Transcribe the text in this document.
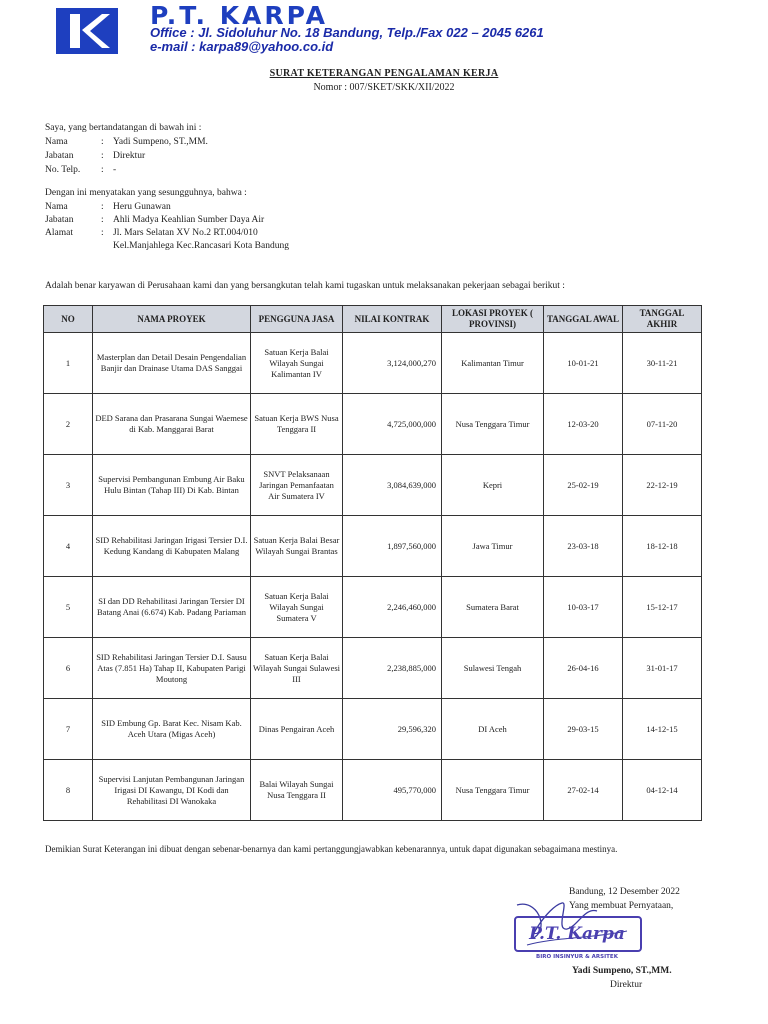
P.T. KARPA
Office : Jl. Sidoluhur No. 18 Bandung, Telp./Fax 022 – 2045 6261
e-mail : karpa89@yahoo.co.id
SURAT KETERANGAN PENGALAMAN KERJA
Nomor : 007/SKET/SKK/XII/2022
Saya, yang bertandatangan di bawah ini :
Nama	: Yadi Sumpeno, ST.,MM.
Jabatan	: Direktur
No. Telp. : -
Dengan ini menyatakan yang sesungguhnya, bahwa :
Nama	: Heru Gunawan
Jabatan	: Ahli Madya Keahlian Sumber Daya Air
Alamat	: Jl. Mars Selatan XV No.2 RT.004/010
Kel.Manjahlega Kec.Rancasari Kota Bandung
Adalah benar karyawan di Perusahaan kami dan yang bersangkutan telah kami tugaskan untuk melaksanakan pekerjaan sebagai berikut :
NO	NAMA PROYEK	PENGGUNA JASA	NILAI KONTRAK	LOKASI PROYEK ( PROVINSI)	TANGGAL AWAL	TANGGAL AKHIR
1	Masterplan dan Detail Desain Pengendalian Banjir dan Drainase Utama DAS Sanggai	Satuan Kerja Balai Wilayah Sungai Kalimantan IV	3,124,000,270	Kalimantan Timur	10-01-21	30-11-21
2	DED Sarana dan Prasarana Sungai Waemese di Kab. Manggarai Barat	Satuan Kerja BWS Nusa Tenggara II	4,725,000,000	Nusa Tenggara Timur	12-03-20	07-11-20
3	Supervisi Pembangunan Embung Air Baku Hulu Bintan (Tahap III) Di Kab. Bintan	SNVT Pelaksanaan Jaringan Pemanfaatan Air Sumatera IV	3,084,639,000	Kepri	25-02-19	22-12-19
4	SID Rehabilitasi Jaringan Irigasi Tersier D.I. Kedung Kandang di Kabupaten Malang	Satuan Kerja Balai Besar Wilayah Sungai Brantas	1,897,560,000	Jawa Timur	23-03-18	18-12-18
5	SI dan DD Rehabilitasi Jaringan Tersier DI Batang Anai (6.674) Kab. Padang Pariaman	Satuan Kerja Balai Wilayah Sungai Sumatera V	2,246,460,000	Sumatera Barat	10-03-17	15-12-17
6	SID Rehabilitasi Jaringan Tersier D.I. Sausu Atas (7.851 Ha) Tahap II, Kabupaten Parigi Moutong	Satuan Kerja Balai Wilayah Sungai Sulawesi III	2,238,885,000	Sulawesi Tengah	26-04-16	31-01-17
7	SID Embung Gp. Barat Kec. Nisam Kab. Aceh Utara (Migas Aceh)	Dinas Pengairan Aceh	29,596,320	DI Aceh	29-03-15	14-12-15
8	Supervisi Lanjutan Pembangunan Jaringan Irigasi DI Kawangu, DI Kodi dan Rehabilitasi DI Wanokaka	Balai Wilayah Sungai Nusa Tenggara II	495,770,000	Nusa Tenggara Timur	27-02-14	04-12-14
Demikian Surat Keterangan ini dibuat dengan sebenar-benarnya dan kami pertanggungjawabkan kebenarannya, untuk dapat digunakan sebagaimana mestinya.
Bandung, 12 Desember 2022
Yang membuat Pernyataan,
P.T. Karpa
BIRO INSINYUR & ARSITEK
Yadi Sumpeno, ST.,MM.
Direktur
